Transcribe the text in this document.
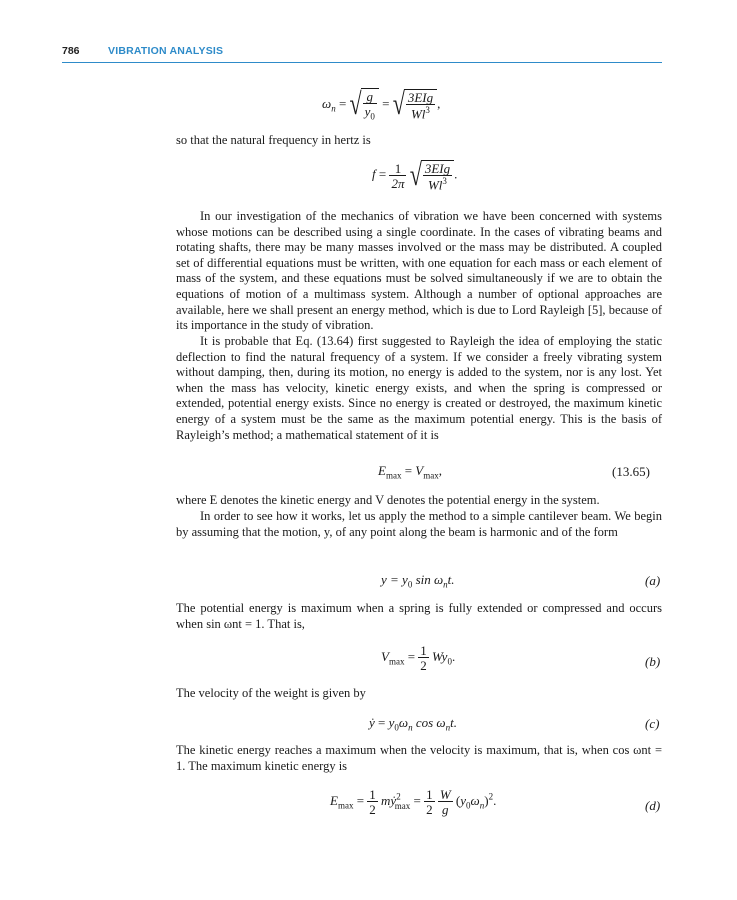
786	VIBRATION ANALYSIS
$\omega_n$ = √ $\frac{g}{y_0}$ = √ $\frac{\text{3EIg}}{Wl^3}$ ,
so that the natural frequency in hertz is
$f = \frac{1}{2\pi}$ √ $\frac{\text{3EIg}}{Wl^3}$ .
In our investigation of the mechanics of vibration we have been concerned with systems whose motions can be described using a single coordinate. In the cases of vibrating beams and rotating shafts, there may be many masses involved or the mass may be distributed. A coupled set of differential equations must be written, with one equation for each mass or each element of mass of the system, and these equations must be solved simultaneously if we are to obtain the equations of motion of a multimass system. Although a number of optional approaches are available, here we shall present an energy method, which is due to Lord Rayleigh [5], because of its importance in the study of vibration.
It is probable that Eq. (13.64) first suggested to Rayleigh the idea of employing the static deflection to find the natural frequency of a system. If we consider a freely vibrating system without damping, then, during its motion, no energy is added to the system, nor is any lost. Yet when the mass has velocity, kinetic energy exists, and when the spring is compressed or extended, potential energy exists. Since no energy is created or destroyed, the maximum kinetic energy of a system must be the same as the maximum potential energy. This is the basis of Rayleigh’s method; a mathematical statement of it is
$E_{max} = V_{max}$,	(13.65)
where E denotes the kinetic energy and V denotes the potential energy in the system.
In order to see how it works, let us apply the method to a simple cantilever beam. We begin by assuming that the motion, y, of any point along the beam is harmonic and of the form
$y = y_0$ $\sin \omega_nt$.	(a)
The potential energy is maximum when a spring is fully extended or compressed and occurs when sin ωnt = 1. That is,
$V_{max} = \frac{1}{2} Wy_0$.	(b)
The velocity of the weight is given by
ẏ = $y_0\omega_n$ $\cos \omega_nt$.	(c)
The kinetic energy reaches a maximum when the velocity is maximum, that is, when cos ωnt = 1. The maximum kinetic energy is
$E_{max} = \frac{1}{2}$ mẏ$^2_{max}$ = $\frac{1}{2}$
$\frac{W}{g} (y_0\omega_n)^2$.	(d)
